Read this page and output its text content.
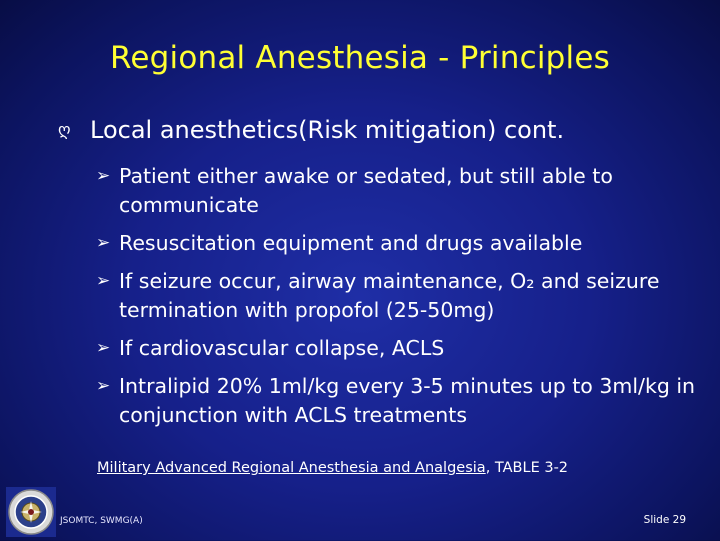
Regional Anesthesia - Principles
ღ Local anesthetics(Risk mitigation) cont.
➢ Patient either awake or sedated, but still able to communicate
➢ Resuscitation equipment and drugs available
➢ If seizure occur, airway maintenance, O₂ and seizure termination with propofol (25-50mg)
➢ If cardiovascular collapse, ACLS
➢ Intralipid 20% 1ml/kg every 3-5 minutes up to 3ml/kg in conjunction with ACLS treatments
Military Advanced Regional Anesthesia and Analgesia, TABLE 3-2
JSOMTC, SWMG(A)	Slide 29
